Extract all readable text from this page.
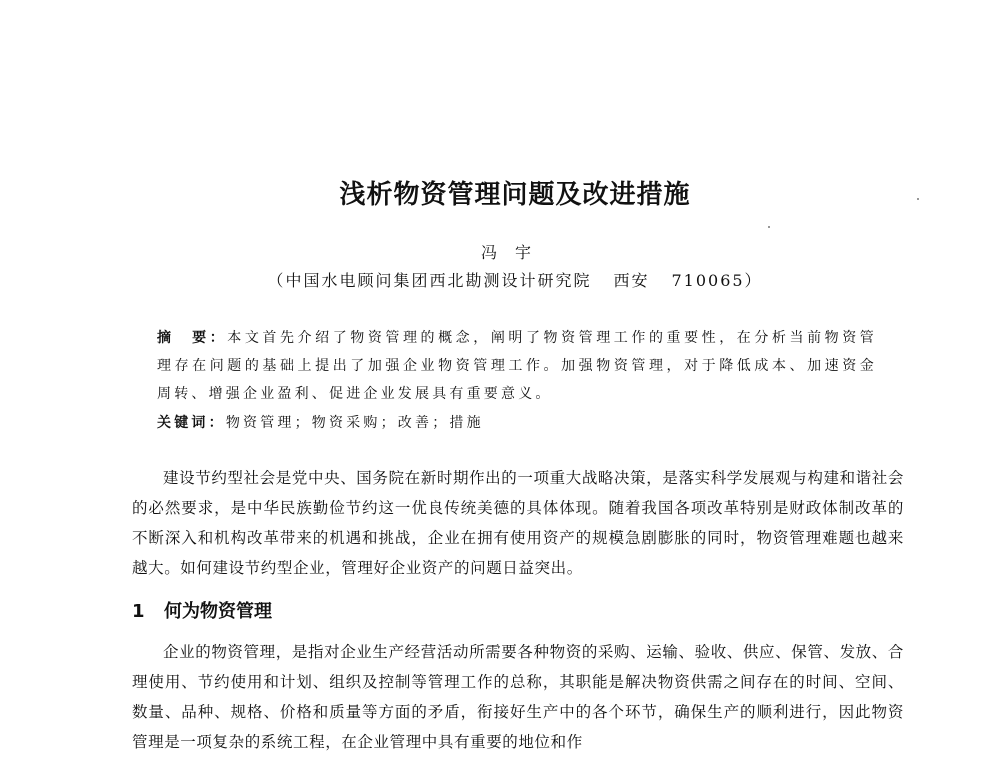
浅析物资管理问题及改进措施
冯宇
（中国水电顾问集团西北勘测设计研究院 西安 710065）

摘　要：本文首先介绍了物资管理的概念，阐明了物资管理工作的重要性，在分析当前物资管理存在问题的基础上提出了加强企业物资管理工作。加强物资管理，对于降低成本、加速资金周转、增强企业盈利、促进企业发展具有重要意义。

关键词：物资管理；物资采购；改善；措施

建设节约型社会是党中央、国务院在新时期作出的一项重大战略决策，是落实科学发展观与构建和谐社会的必然要求，是中华民族勤俭节约这一优良传统美德的具体体现。随着我国各项改革特别是财政体制改革的不断深入和机构改革带来的机遇和挑战，企业在拥有使用资产的规模急剧膨胀的同时，物资管理难题也越来越大。如何建设节约型企业，管理好企业资产的问题日益突出。

1 何为物资管理

企业的物资管理，是指对企业生产经营活动所需要各种物资的采购、运输、验收、供应、保管、发放、合理使用、节约使用和计划、组织及控制等管理工作的总称，其职能是解决物资供需之间存在的时间、空间、数量、品种、规格、价格和质量等方面的矛盾，衔接好生产中的各个环节，确保生产的顺利进行，因此物资管理是一项复杂的系统工程，在企业管理中具有重要的地位和作
